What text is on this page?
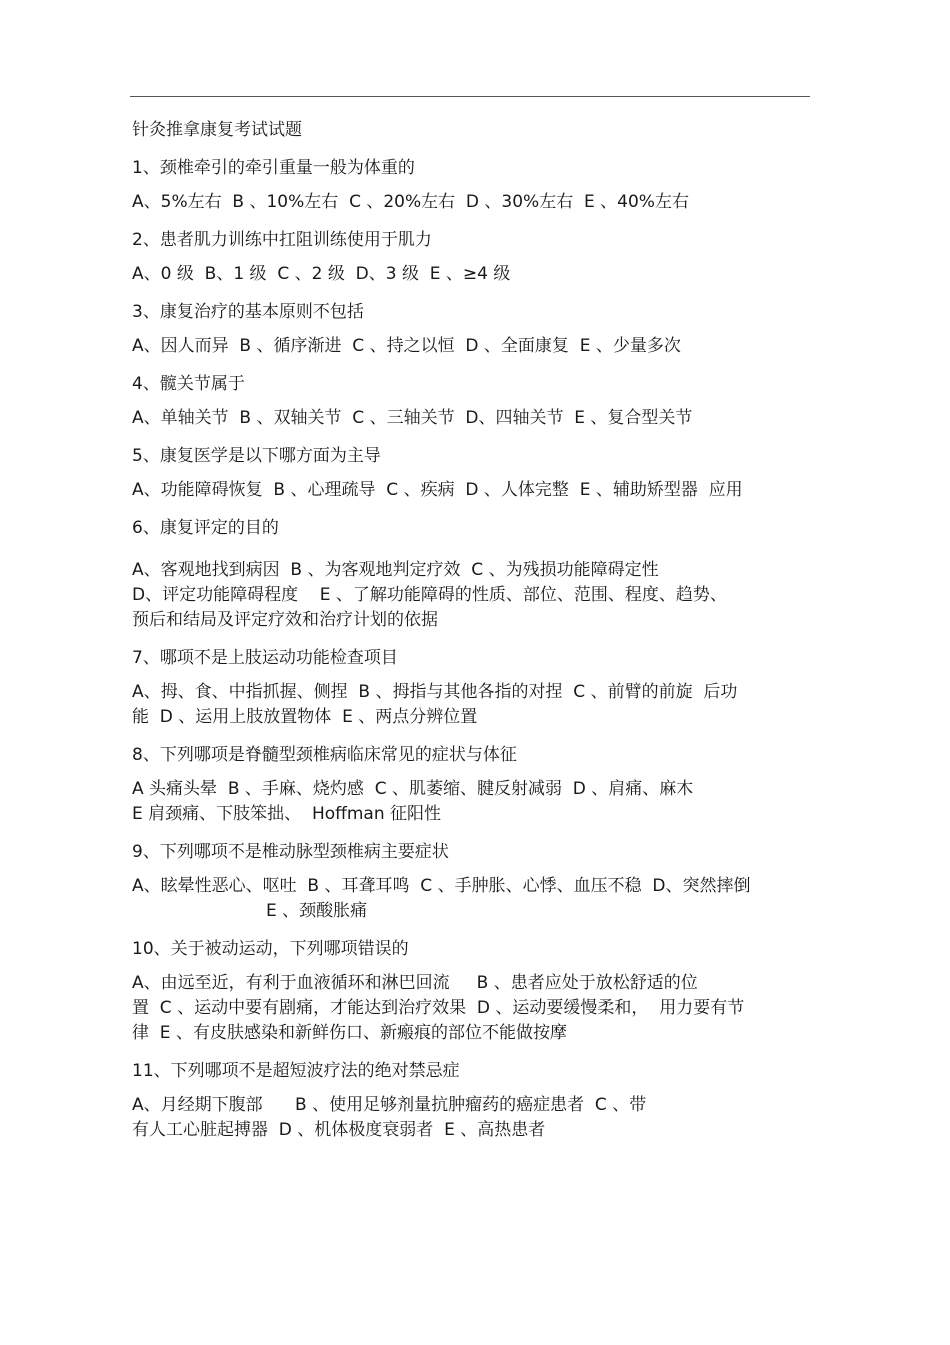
针灸推拿康复考试试题

1、颈椎牵引的牵引重量一般为体重的

A、5%左右  B 、10%左右  C 、20%左右  D 、30%左右  E 、40%左右

2、患者肌力训练中扛阻训练使用于肌力

A、0 级  B、1 级  C 、2 级  D、3 级  E 、≥4 级

3、康复治疗的基本原则不包括

A、因人而异  B 、循序渐进  C 、持之以恒  D 、全面康复  E 、少量多次

4、髋关节属于

A、单轴关节  B 、双轴关节  C 、三轴关节  D、四轴关节  E 、复合型关节

5、康复医学是以下哪方面为主导

A、功能障碍恢复  B 、心理疏导  C 、疾病  D 、人体完整  E 、辅助矫型器  应用

6、康复评定的目的

A、客观地找到病因  B 、为客观地判定疗效  C 、为残损功能障碍定性

D、评定功能障碍程度    E 、了解功能障碍的性质、部位、范围、程度、趋势、

预后和结局及评定疗效和治疗计划的依据

7、哪项不是上肢运动功能检查项目

A、拇、食、中指抓握、侧捏  B 、拇指与其他各指的对捏  C 、前臂的前旋  后功

能  D 、运用上肢放置物体  E 、两点分辨位置

8、下列哪项是脊髓型颈椎病临床常见的症状与体征

A 头痛头晕  B 、手麻、烧灼感  C 、肌萎缩、腱反射减弱  D 、肩痛、麻木

E 肩颈痛、下肢笨拙、  Hoffman 征阳性

9、下列哪项不是椎动脉型颈椎病主要症状

A、眩晕性恶心、呕吐  B 、耳聋耳鸣  C 、手肿胀、心悸、血压不稳  D、突然摔倒

E 、颈酸胀痛

10、关于被动运动，下列哪项错误的

A、由远至近，有利于血液循环和淋巴回流     B 、患者应处于放松舒适的位

置  C 、运动中要有剧痛，才能达到治疗效果  D 、运动要缓慢柔和，  用力要有节

律  E 、有皮肤感染和新鲜伤口、新瘢痕的部位不能做按摩

11、下列哪项不是超短波疗法的绝对禁忌症

A、月经期下腹部      B 、使用足够剂量抗肿瘤药的癌症患者  C 、带

有人工心脏起搏器  D 、机体极度衰弱者  E 、高热患者
